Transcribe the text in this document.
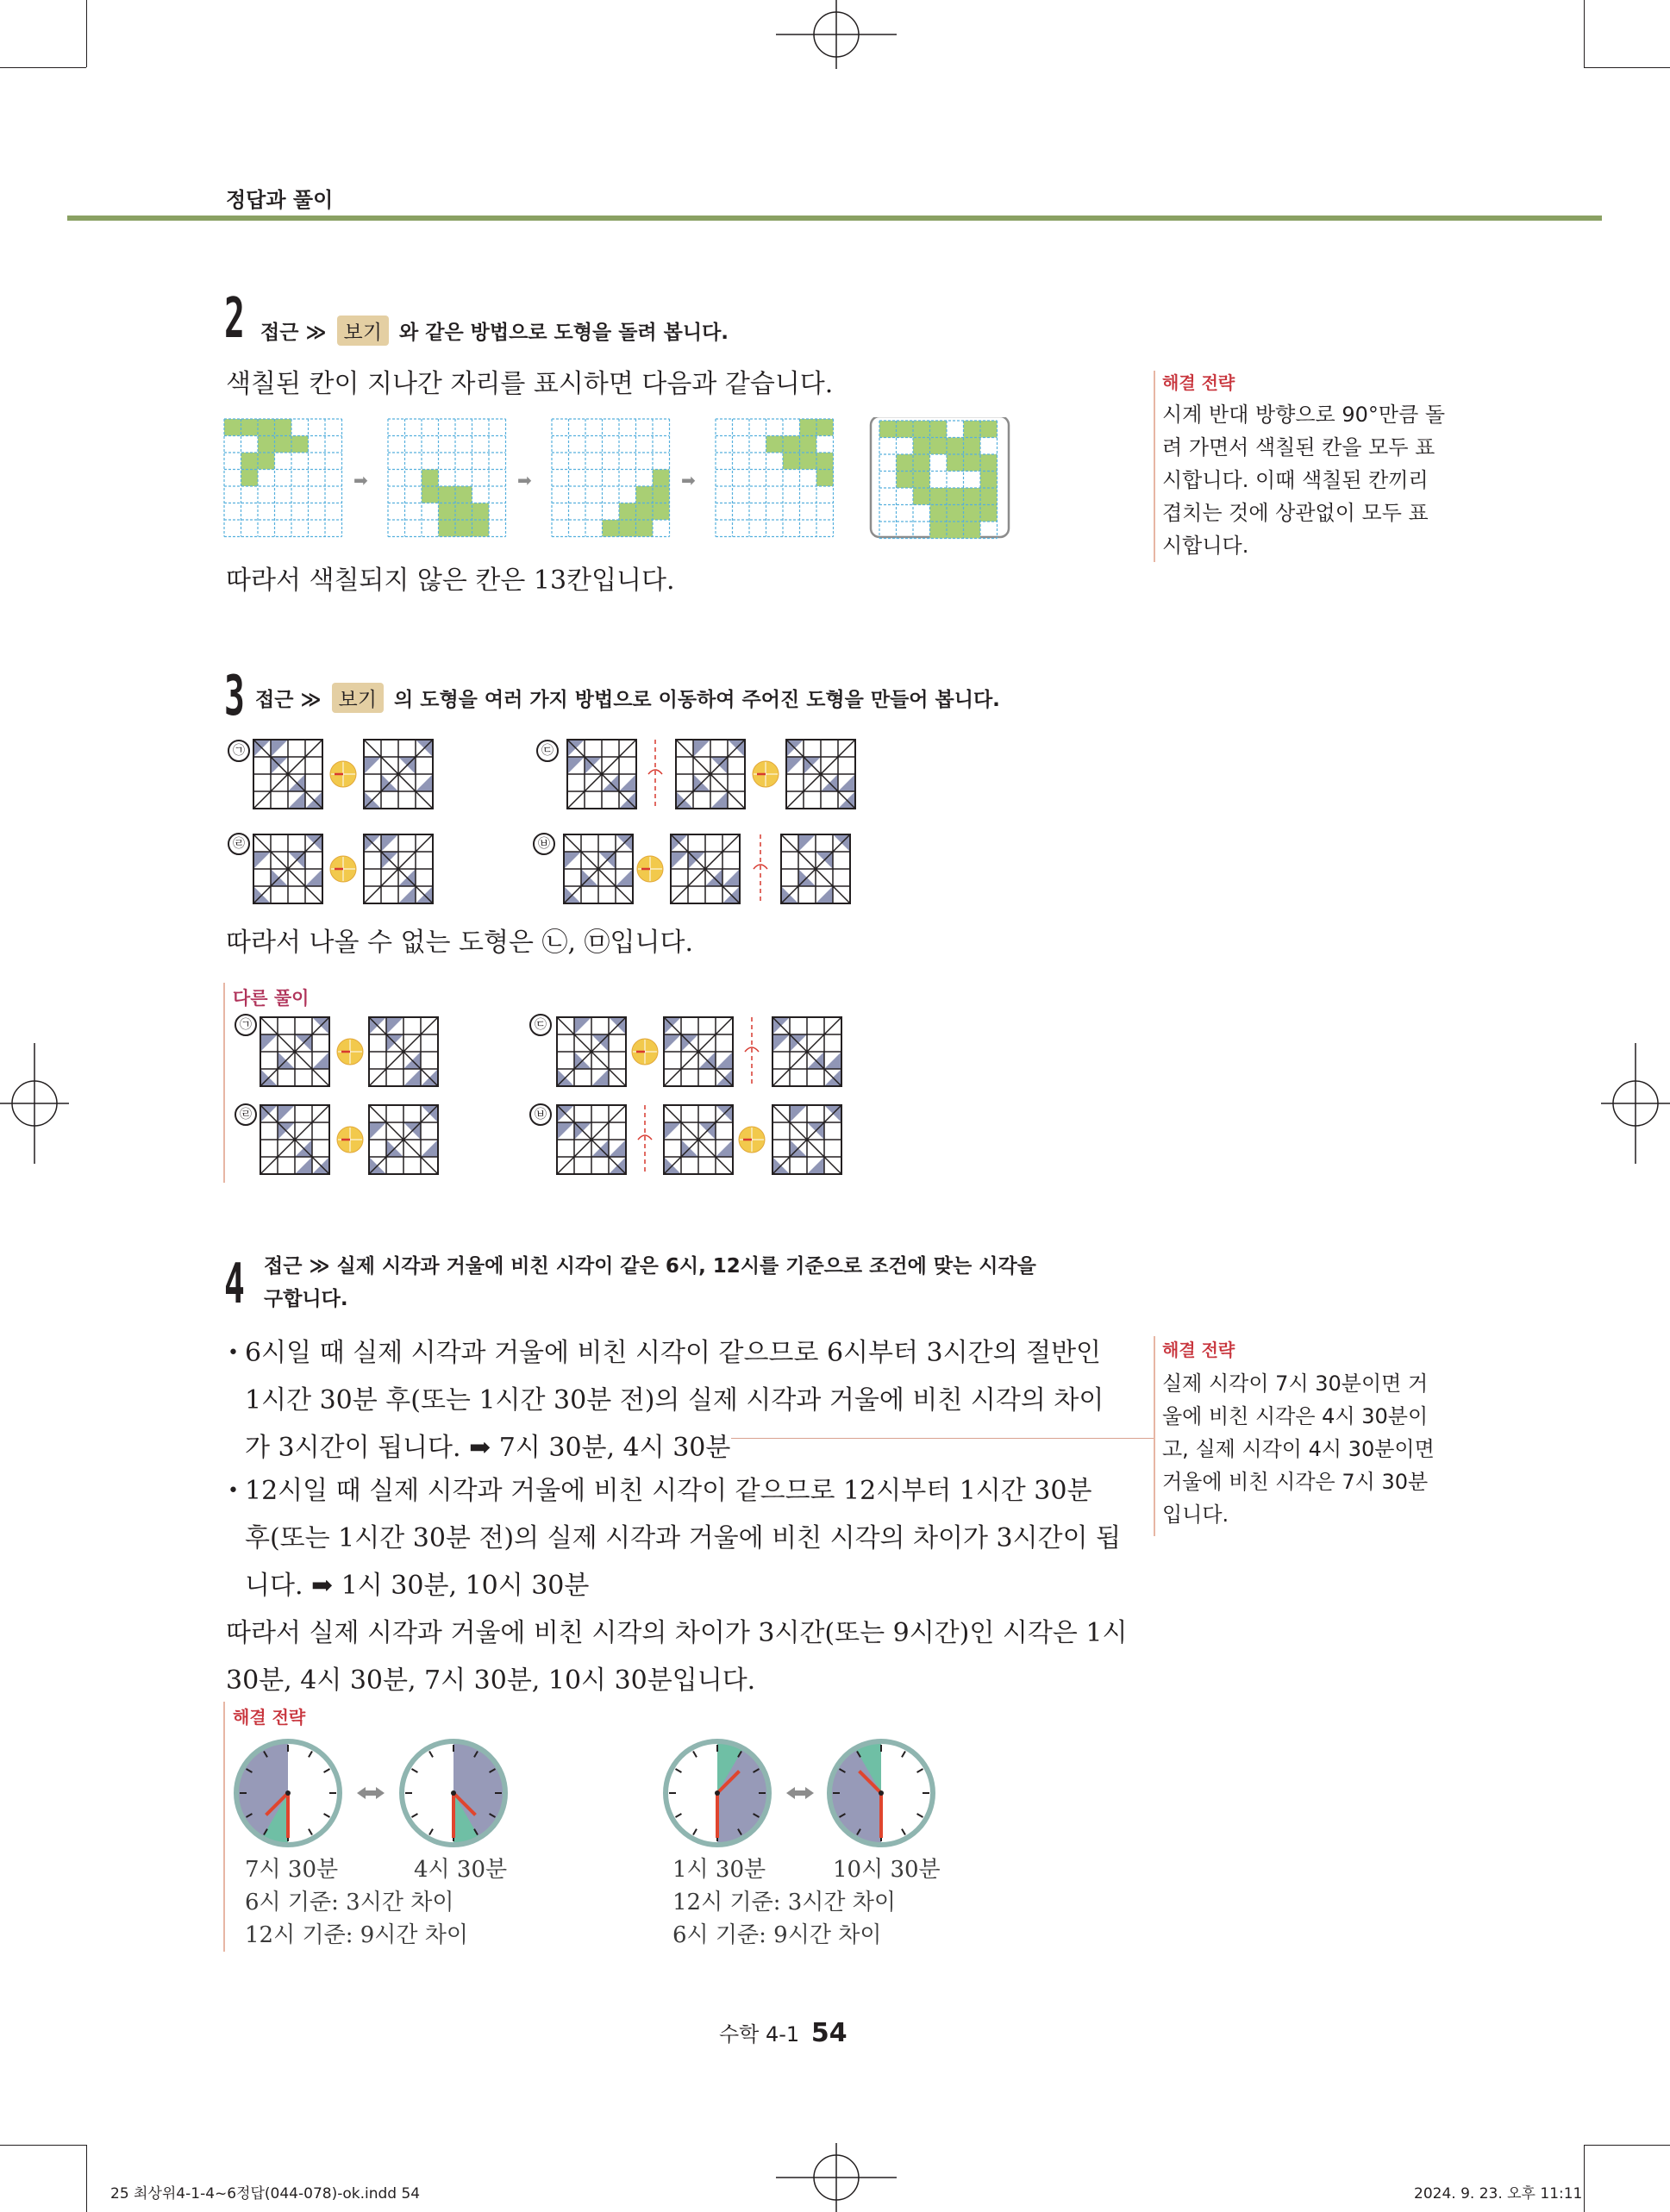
정답과 풀이
2 접근 ≫ 보기 와 같은 방법으로 도형을 돌려 봅니다.
색칠된 칸이 지나간 자리를 표시하면 다음과 같습니다.
➡	➡	➡
따라서 색칠되지 않은 칸은 13칸입니다.
해결 전략
시계 반대 방향으로 90°만큼 돌려 가면서 색칠된 칸을 모두 표시합니다. 이때 색칠된 칸끼리 겹치는 것에 상관없이 모두 표시합니다.
3 접근 ≫ 보기 의 도형을 여러 가지 방법으로 이동하여 주어진 도형을 만들어 봅니다.
㉠	㉢
㉣	㉥
따라서 나올 수 없는 도형은 ㉡, ㉤입니다.
다른 풀이
㉠	㉢
㉣	㉥
4 접근 ≫ 실제 시각과 거울에 비친 시각이 같은 6시, 12시를 기준으로 조건에 맞는 시각을
구합니다.
• 6시일 때 실제 시각과 거울에 비친 시각이 같으므로 6시부터 3시간의 절반인
1시간 30분 후(또는 1시간 30분 전)의 실제 시각과 거울에 비친 시각의 차이
가 3시간이 됩니다. ➡ 7시 30분, 4시 30분
• 12시일 때 실제 시각과 거울에 비친 시각이 같으므로 12시부터 1시간 30분
후(또는 1시간 30분 전)의 실제 시각과 거울에 비친 시각의 차이가 3시간이 됩
니다. ➡ 1시 30분, 10시 30분
따라서 실제 시각과 거울에 비친 시각의 차이가 3시간(또는 9시간)인 시각은 1시
30분, 4시 30분, 7시 30분, 10시 30분입니다.
해결 전략
실제 시각이 7시 30분이면 거울에 비친 시각은 4시 30분이고, 실제 시각이 4시 30분이면 거울에 비친 시각은 7시 30분입니다.
해결 전략
7시 30분	4시 30분	1시 30분	10시 30분
6시 기준: 3시간 차이
12시 기준: 9시간 차이
12시 기준: 3시간 차이
6시 기준: 9시간 차이
수학 4-1 54
25 최상위4-1-4~6정답(044-078)-ok.indd 54	2024. 9. 23. 오후 11:11
